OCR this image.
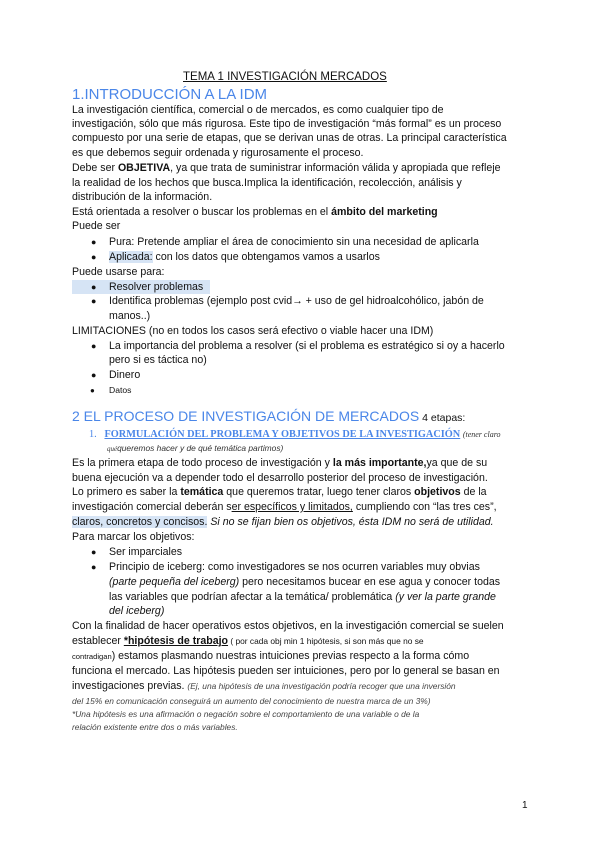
TEMA 1 INVESTIGACIÓN MERCADOS
1.INTRODUCCIÓN A LA IDM
La investigación científica, comercial o de mercados, es como cualquier tipo de
investigación, sólo que más rigurosa. Este tipo de investigación “más formal” es un proceso
compuesto por una serie de etapas, que se derivan unas de otras. La principal característica
es que debemos seguir ordenada y rigurosamente el proceso.
Debe ser OBJETIVA, ya que trata de suministrar información válida y apropiada que refleje
la realidad de los hechos que busca.Implica la identificación, recolección, análisis y
distribución de la información.
Está orientada a resolver o buscar los problemas en el ámbito del marketing
Puede ser
● Pura: Pretende ampliar el área de conocimiento sin una necesidad de aplicarla
● Aplicada: con los datos que obtengamos vamos a usarlos
Puede usarse para:
● Resolver problemas
● Identifica problemas (ejemplo post cvid→ + uso de gel hidroalcohólico, jabón de
manos..)
LIMITACIONES (no en todos los casos será efectivo o viable hacer una IDM)
● La importancia del problema a resolver (si el problema es estratégico si oy a hacerlo
pero si es táctica no)
● Dinero
● Datos
2 EL PROCESO DE INVESTIGACIÓN DE MERCADOS 4 etapas:
1. FORMULACIÓN DEL PROBLEMA Y OBJETIVOS DE LA INVESTIGACIÓN (tener claro
quéqueremos hacer y de qué temática partimos)
Es la primera etapa de todo proceso de investigación y la más importante,ya que de su
buena ejecución va a depender todo el desarrollo posterior del proceso de investigación.
Lo primero es saber la temática que queremos tratar, luego tener claros objetivos de la
investigación comercial deberán ser específicos y limitados, cumpliendo con “las tres ces”,
claros, concretos y concisos. Si no se fijan bien os objetivos, ésta IDM no será de utilidad.
Para marcar los objetivos:
● Ser imparciales
● Principio de iceberg: como investigadores se nos ocurren variables muy obvias
(parte pequeña del iceberg) pero necesitamos bucear en ese agua y conocer todas
las variables que podrían afectar a la temática/ problemática (y ver la parte grande
del iceberg)
Con la finalidad de hacer operativos estos objetivos, en la investigación comercial se suelen
establecer *hipótesis de trabajo ( por cada obj min 1 hipótesis, si son más que no se
contradigan) estamos plasmando nuestras intuiciones previas respecto a la forma cómo
funciona el mercado. Las hipótesis pueden ser intuiciones, pero por lo general se basan en
investigaciones previas. (Ej, una hipótesis de una investigación podría recoger que una inversión
del 15% en comunicación conseguirá un aumento del conocimiento de nuestra marca de un 3%)
*Una hipótesis es una afirmación o negación sobre el comportamiento de una variable o de la
relación existente entre dos o más variables.
1
